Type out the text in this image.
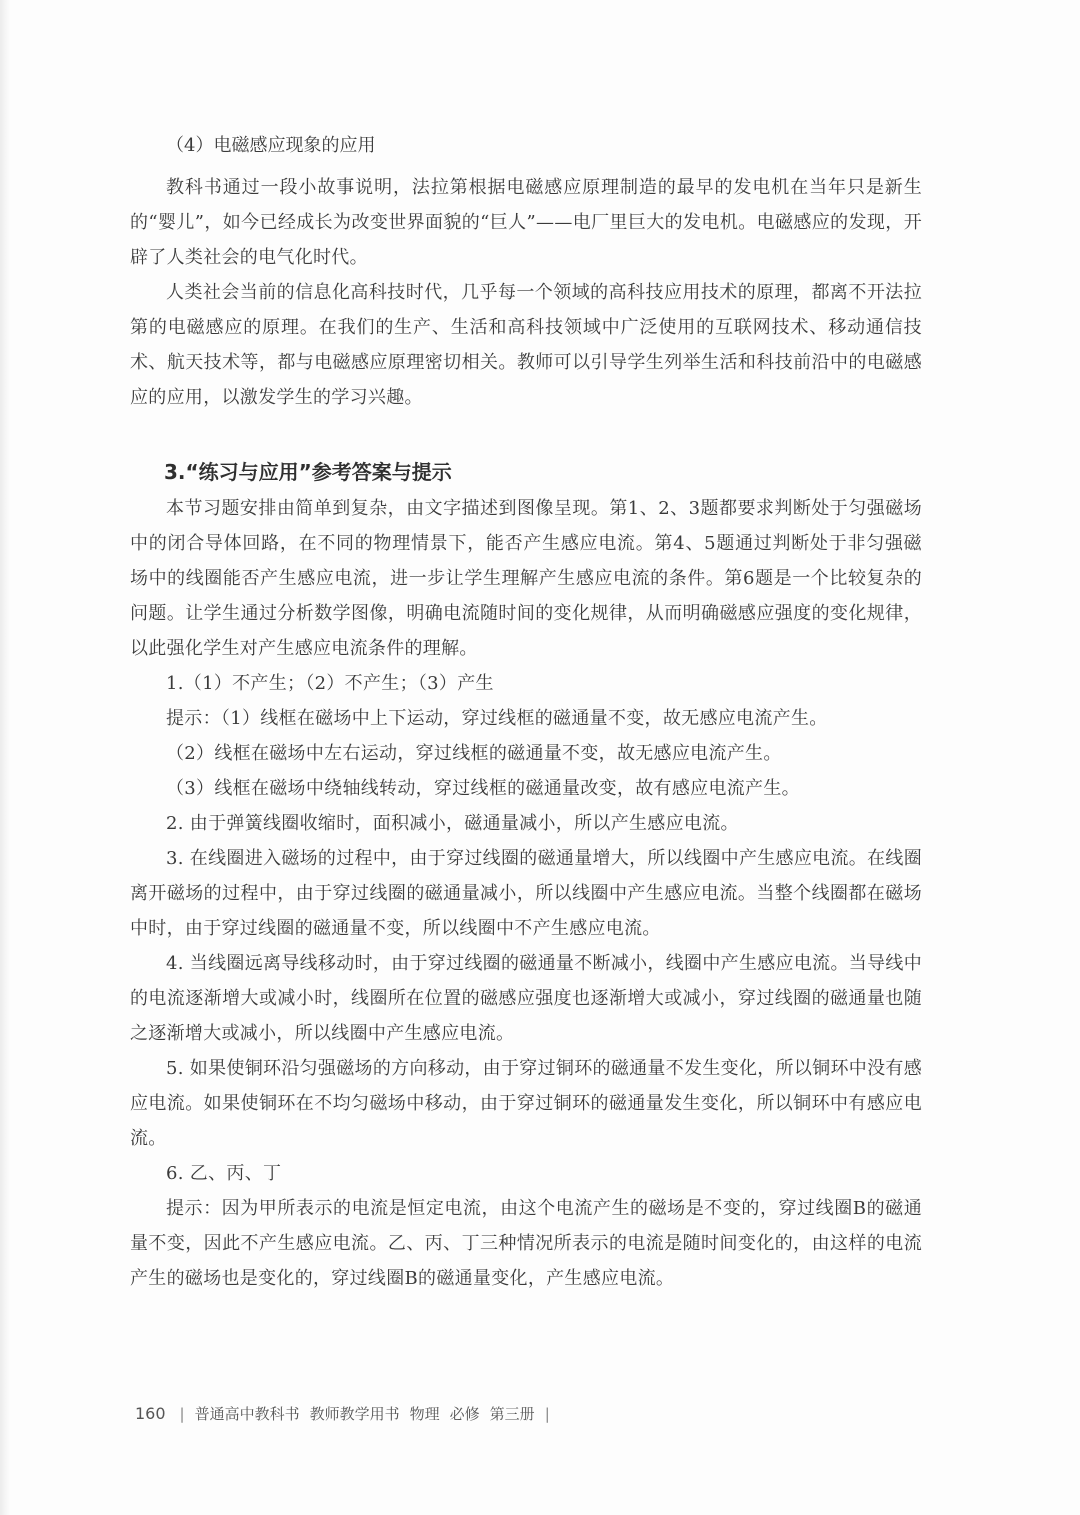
（4）电磁感应现象的应用

教科书通过一段小故事说明，法拉第根据电磁感应原理制造的最早的发电机在当年只是新生的“婴儿”，如今已经成长为改变世界面貌的“巨人”——电厂里巨大的发电机。电磁感应的发现，开辟了人类社会的电气化时代。

人类社会当前的信息化高科技时代，几乎每一个领域的高科技应用技术的原理，都离不开法拉第的电磁感应的原理。在我们的生产、生活和高科技领域中广泛使用的互联网技术、移动通信技术、航天技术等，都与电磁感应原理密切相关。教师可以引导学生列举生活和科技前沿中的电磁感应的应用，以激发学生的学习兴趣。

3.“练习与应用”参考答案与提示

本节习题安排由简单到复杂，由文字描述到图像呈现。第1、2、3题都要求判断处于匀强磁场中的闭合导体回路，在不同的物理情景下，能否产生感应电流。第4、5题通过判断处于非匀强磁场中的线圈能否产生感应电流，进一步让学生理解产生感应电流的条件。第6题是一个比较复杂的问题。让学生通过分析数学图像，明确电流随时间的变化规律，从而明确磁感应强度的变化规律，以此强化学生对产生感应电流条件的理解。

1.（1）不产生；（2）不产生；（3）产生

提示：（1）线框在磁场中上下运动，穿过线框的磁通量不变，故无感应电流产生。

（2）线框在磁场中左右运动，穿过线框的磁通量不变，故无感应电流产生。

（3）线框在磁场中绕轴线转动，穿过线框的磁通量改变，故有感应电流产生。

2. 由于弹簧线圈收缩时，面积减小，磁通量减小，所以产生感应电流。

3. 在线圈进入磁场的过程中，由于穿过线圈的磁通量增大，所以线圈中产生感应电流。在线圈离开磁场的过程中，由于穿过线圈的磁通量减小，所以线圈中产生感应电流。当整个线圈都在磁场中时，由于穿过线圈的磁通量不变，所以线圈中不产生感应电流。

4. 当线圈远离导线移动时，由于穿过线圈的磁通量不断减小，线圈中产生感应电流。当导线中的电流逐渐增大或减小时，线圈所在位置的磁感应强度也逐渐增大或减小，穿过线圈的磁通量也随之逐渐增大或减小，所以线圈中产生感应电流。

5. 如果使铜环沿匀强磁场的方向移动，由于穿过铜环的磁通量不发生变化，所以铜环中没有感应电流。如果使铜环在不均匀磁场中移动，由于穿过铜环的磁通量发生变化，所以铜环中有感应电流。

6. 乙、丙、丁

提示：因为甲所表示的电流是恒定电流，由这个电流产生的磁场是不变的，穿过线圈B的磁通量不变，因此不产生感应电流。乙、丙、丁三种情况所表示的电流是随时间变化的，由这样的电流产生的磁场也是变化的，穿过线圈B的磁通量变化，产生感应电流。

160 | 普通高中教科书 教师教学用书 物理 必修 第三册 |
